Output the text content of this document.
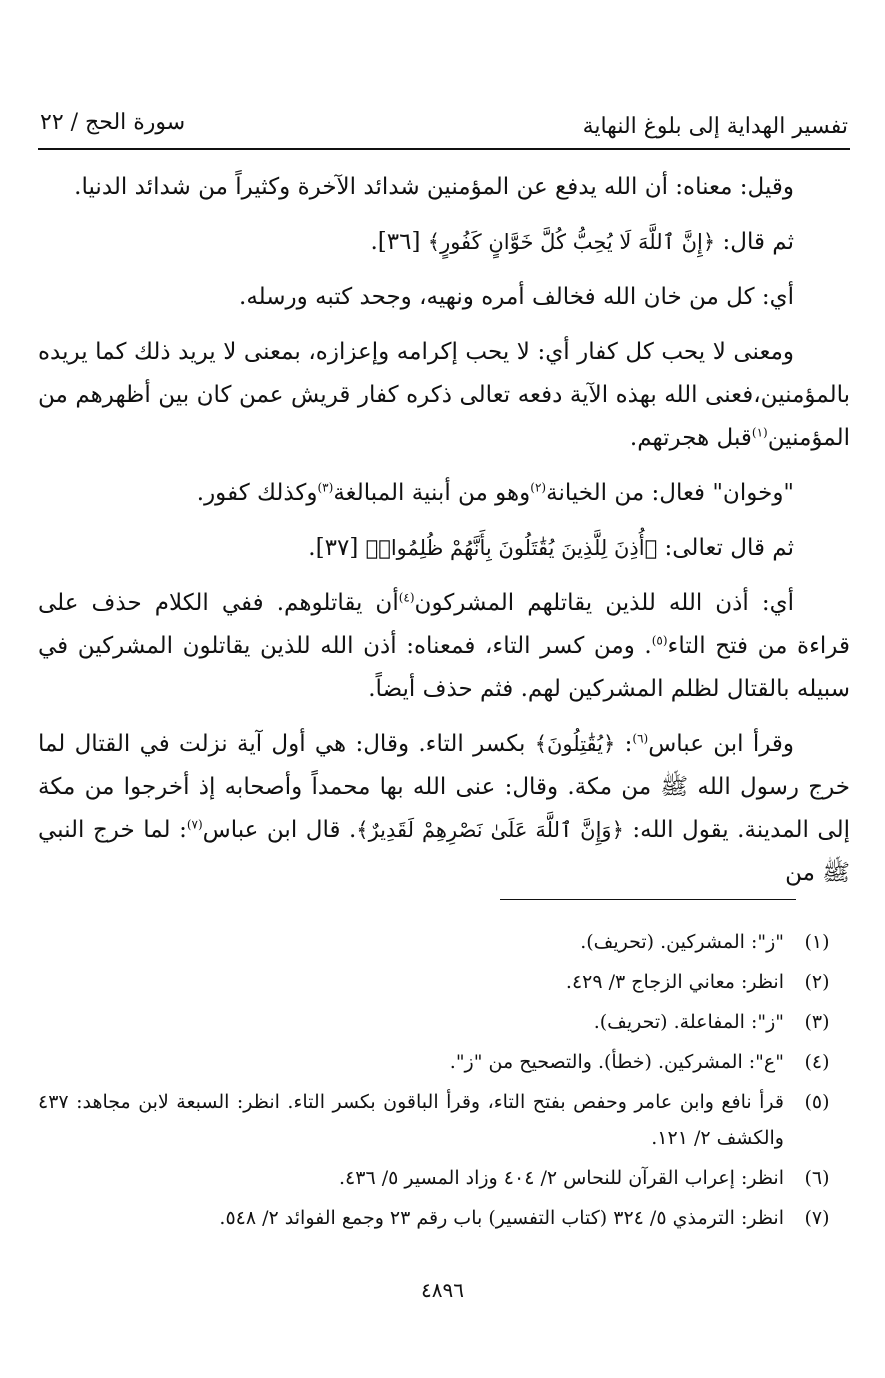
تفسير الهداية إلى بلوغ النهاية
سورة الحج / ٢٢

وقيل: معناه: أن الله يدفع عن المؤمنين شدائد الآخرة وكثيراً من شدائد الدنيا.

ثم قال: ﴿إِنَّ ٱللَّهَ لَا يُحِبُّ كُلَّ خَوَّانٍ كَفُورٍ﴾ [٣٦].

أي: كل من خان الله فخالف أمره ونهيه، وجحد كتبه ورسله.

ومعنى لا يحب كل كفار أي: لا يحب إكرامه وإعزازه، بمعنى لا يريد ذلك كما يريده بالمؤمنين،فعنى الله بهذه الآية دفعه تعالى ذكره كفار قريش عمن كان بين أظهرهم من المؤمنين$^{(١)}$قبل هجرتهم.

"وخوان" فعال: من الخيانة$^{(٢)}$وهو من أبنية المبالغة$^{(٣)}$وكذلك كفور.

ثم قال تعالى: ﴿أُذِنَ لِلَّذِينَ يُقَٰتَلُونَ بِأَنَّهُمْ ظُلِمُوا۟﴾ [٣٧].

أي: أذن الله للذين يقاتلهم المشركون$^{(٤)}$أن يقاتلوهم. ففي الكلام حذف على قراءة من فتح التاء$^{(٥)}$. ومن كسر التاء، فمعناه: أذن الله للذين يقاتلون المشركين في سبيله بالقتال لظلم المشركين لهم. فثم حذف أيضاً.

وقرأ ابن عباس$^{(٦)}$: ﴿يُقَٰتِلُونَ﴾ بكسر التاء. وقال: هي أول آية نزلت في القتال لما خرج رسول الله ﷺ من مكة. وقال: عنى الله بها محمداً وأصحابه إذ أخرجوا من مكة إلى المدينة. يقول الله: ﴿وَإِنَّ ٱللَّهَ عَلَىٰ نَصْرِهِمْ لَقَدِيرٌ﴾. قال ابن عباس$^{(٧)}$: لما خرج النبي ﷺ من

(١)
"ز": المشركين. (تحريف).
(٢)
انظر: معاني الزجاج ٣/ ٤٢٩.
(٣)
"ز": المفاعلة. (تحريف).
(٤)
"ع": المشركين. (خطأ). والتصحيح من "ز".
(٥)
قرأ نافع وابن عامر وحفص بفتح التاء، وقرأ الباقون بكسر التاء. انظر: السبعة لابن مجاهد: ٤٣٧ والكشف ٢/ ١٢١.
(٦)
انظر: إعراب القرآن للنحاس ٢/ ٤٠٤ وزاد المسير ٥/ ٤٣٦.
(٧)
انظر: الترمذي ٥/ ٣٢٤ (كتاب التفسير) باب رقم ٢٣ وجمع الفوائد ٢/ ٥٤٨.
٤٨٩٦
